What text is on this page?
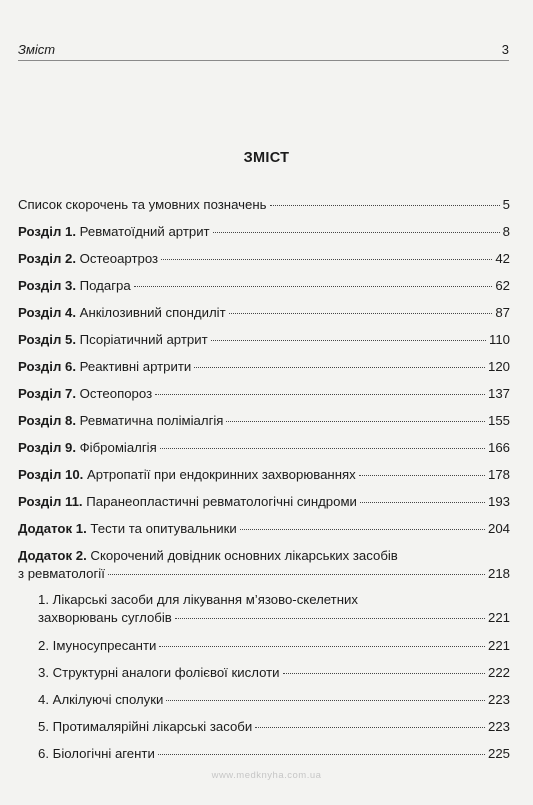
Зміст	3
ЗМІСТ
Список скорочень та умовних позначень	5
Розділ 1. Ревматоїдний артрит	8
Розділ 2. Остеоартроз	42
Розділ 3. Подагра	62
Розділ 4. Анкілозивний спондиліт	87
Розділ 5. Псоріатичний артрит	110
Розділ 6. Реактивні артрити	120
Розділ 7. Остеопороз	137
Розділ 8. Ревматична поліміалгія	155
Розділ 9. Фіброміалгія	166
Розділ 10. Артропатії при ендокринних захворюваннях	178
Розділ 11. Паранеопластичні ревматологічні синдроми	193
Додаток 1. Тести та опитувальники	204
Додаток 2. Скорочений довідник основних лікарських засобів
з ревматології	218
1. Лікарські засоби для лікування м’язово-скелетних
захворювань суглобів	221
2. Імуносупресанти	221
3. Структурні аналоги фолієвої кислоти	222
4. Алкілуючі сполуки	223
5. Протималярійні лікарські засоби	223
6. Біологічні агенти	225
www.medknyha.com.ua
